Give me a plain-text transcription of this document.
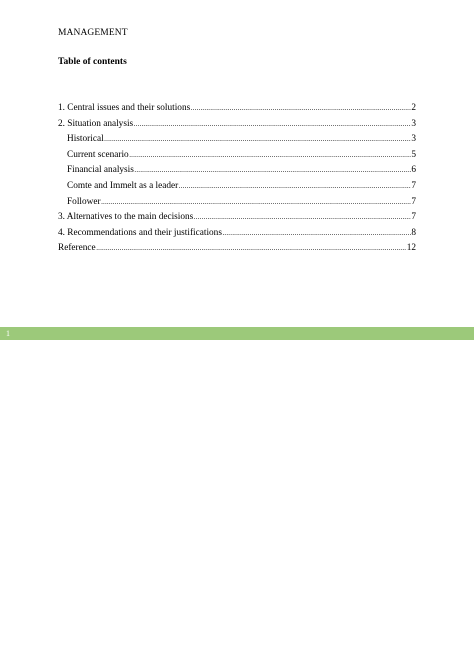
MANAGEMENT
Table of contents
1. Central issues and their solutions .....	2
2. Situation analysis .....	3
Historical .....	3
Current scenario .....	5
Financial analysis .....	6
Comte and Immelt as a leader .....	7
Follower .....	7
3. Alternatives to the main decisions .....	7
4. Recommendations and their justifications .....	8
Reference .....	12
1
